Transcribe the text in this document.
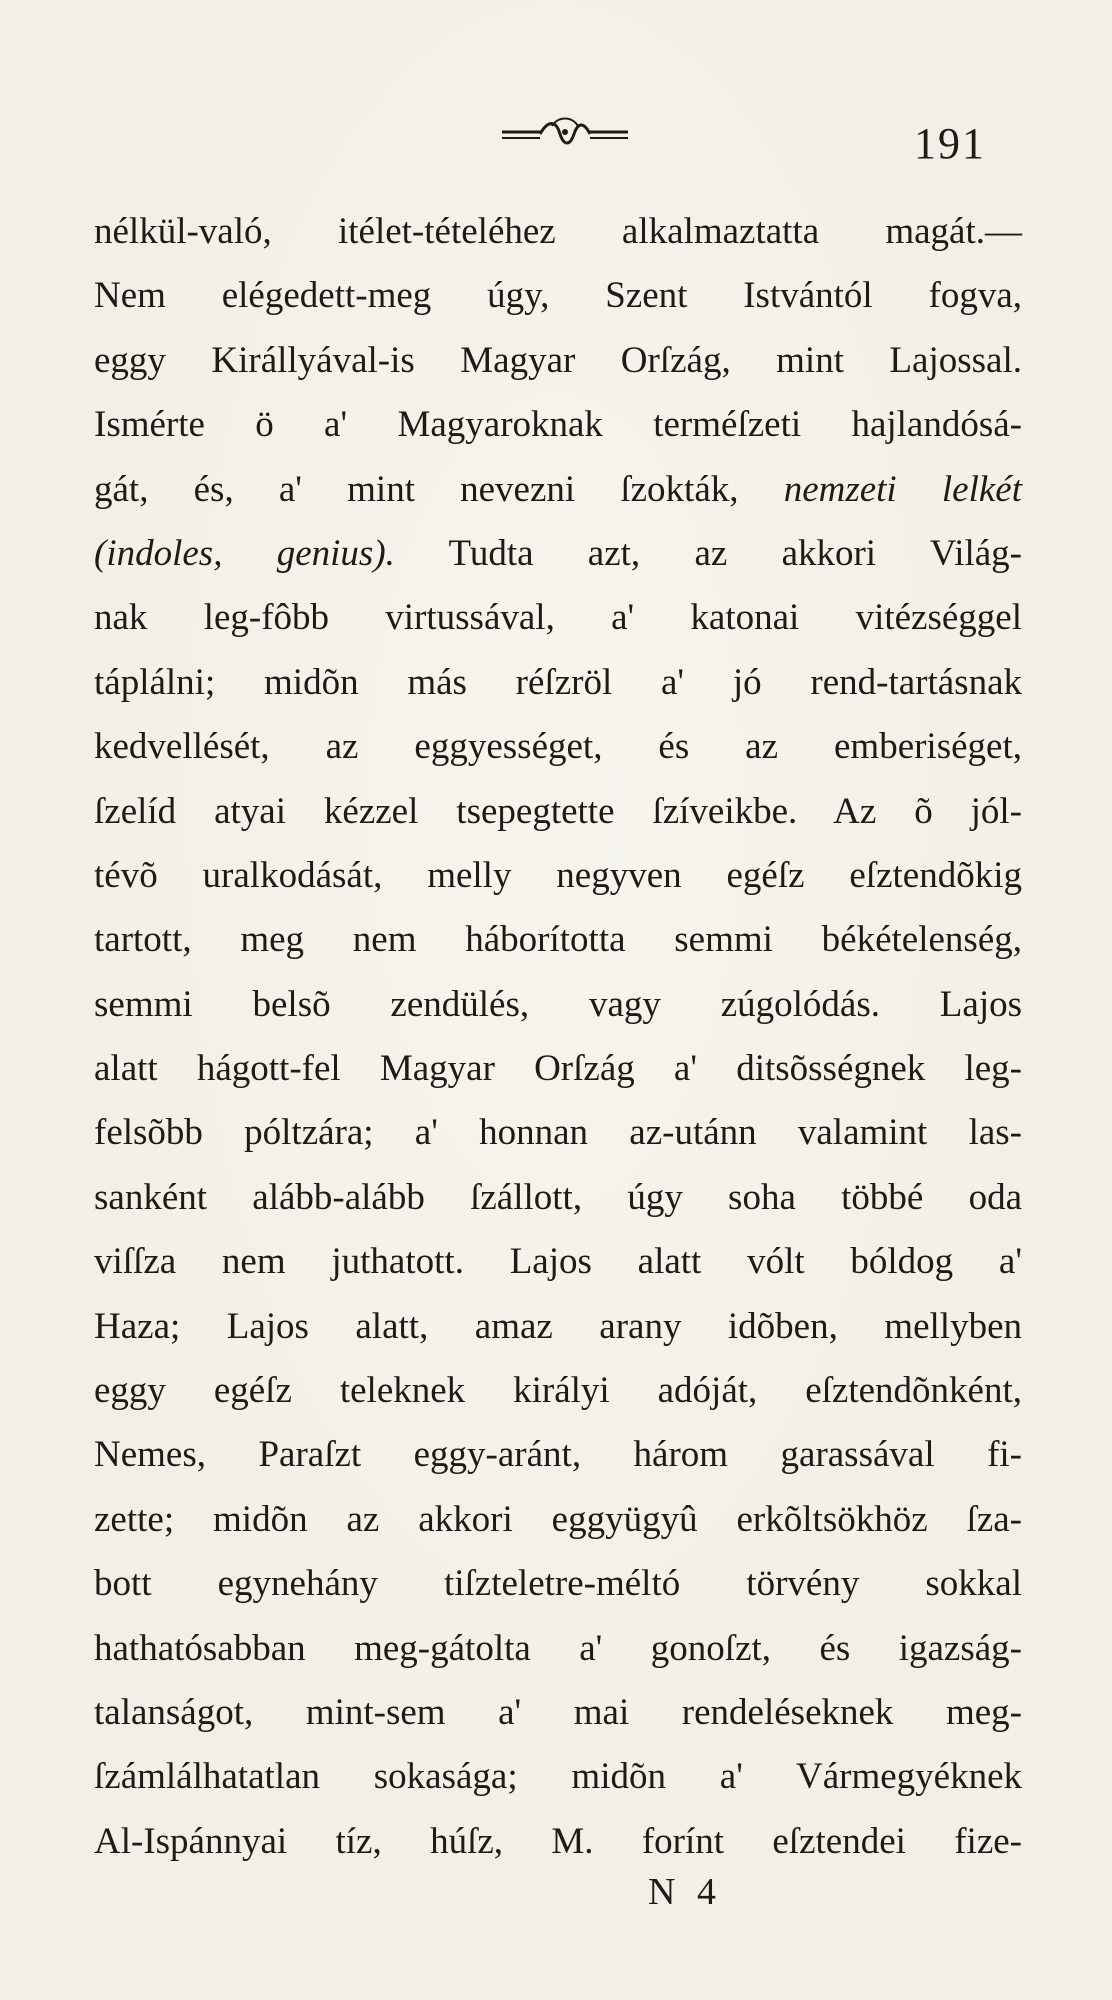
191
nélkül-való, itélet-tételéhez alkalmaztatta magát.—
Nem elégedett-meg úgy, Szent Istvántól fogva,
eggy Királlyával-is Magyar Orſzág, mint Lajossal.
Ismérte ö a' Magyaroknak terméſzeti hajlandósá-
gát, és, a' mint nevezni ſzokták, nemzeti lelkét
(indoles, genius). Tudta azt, az akkori Világ-
nak leg-fôbb virtussával, a' katonai vitézséggel
táplálni; midõn más réſzröl a' jó rend-tartásnak
kedvellését, az eggyességet, és az emberiséget,
ſzelíd atyai kézzel tsepegtette ſzíveikbe. Az õ jól-
tévõ uralkodását, melly negyven egéſz eſztendõkig
tartott, meg nem háborította semmi békételenség,
semmi belsõ zendülés, vagy zúgolódás. Lajos
alatt hágott-fel Magyar Orſzág a' ditsõsségnek leg-
felsõbb póltzára; a' honnan az-utánn valamint las-
sanként alább-alább ſzállott, úgy soha többé oda
viſſza nem juthatott. Lajos alatt vólt bóldog a'
Haza; Lajos alatt, amaz arany idõben, mellyben
eggy egéſz teleknek királyi adóját, eſztendõnként,
Nemes, Paraſzt eggy-aránt, három garassával fi-
zette; midõn az akkori eggyügyû erkõltsökhöz ſza-
bott egynehány tiſzteletre-méltó törvény sokkal
hathatósabban meg-gátolta a' gonoſzt, és igazság-
talanságot, mint-sem a' mai rendeléseknek meg-
ſzámlálhatatlan sokasága; midõn a' Vármegyéknek
Al-Ispánnyai tíz, húſz, M. forínt eſztendei fize-
N 4
